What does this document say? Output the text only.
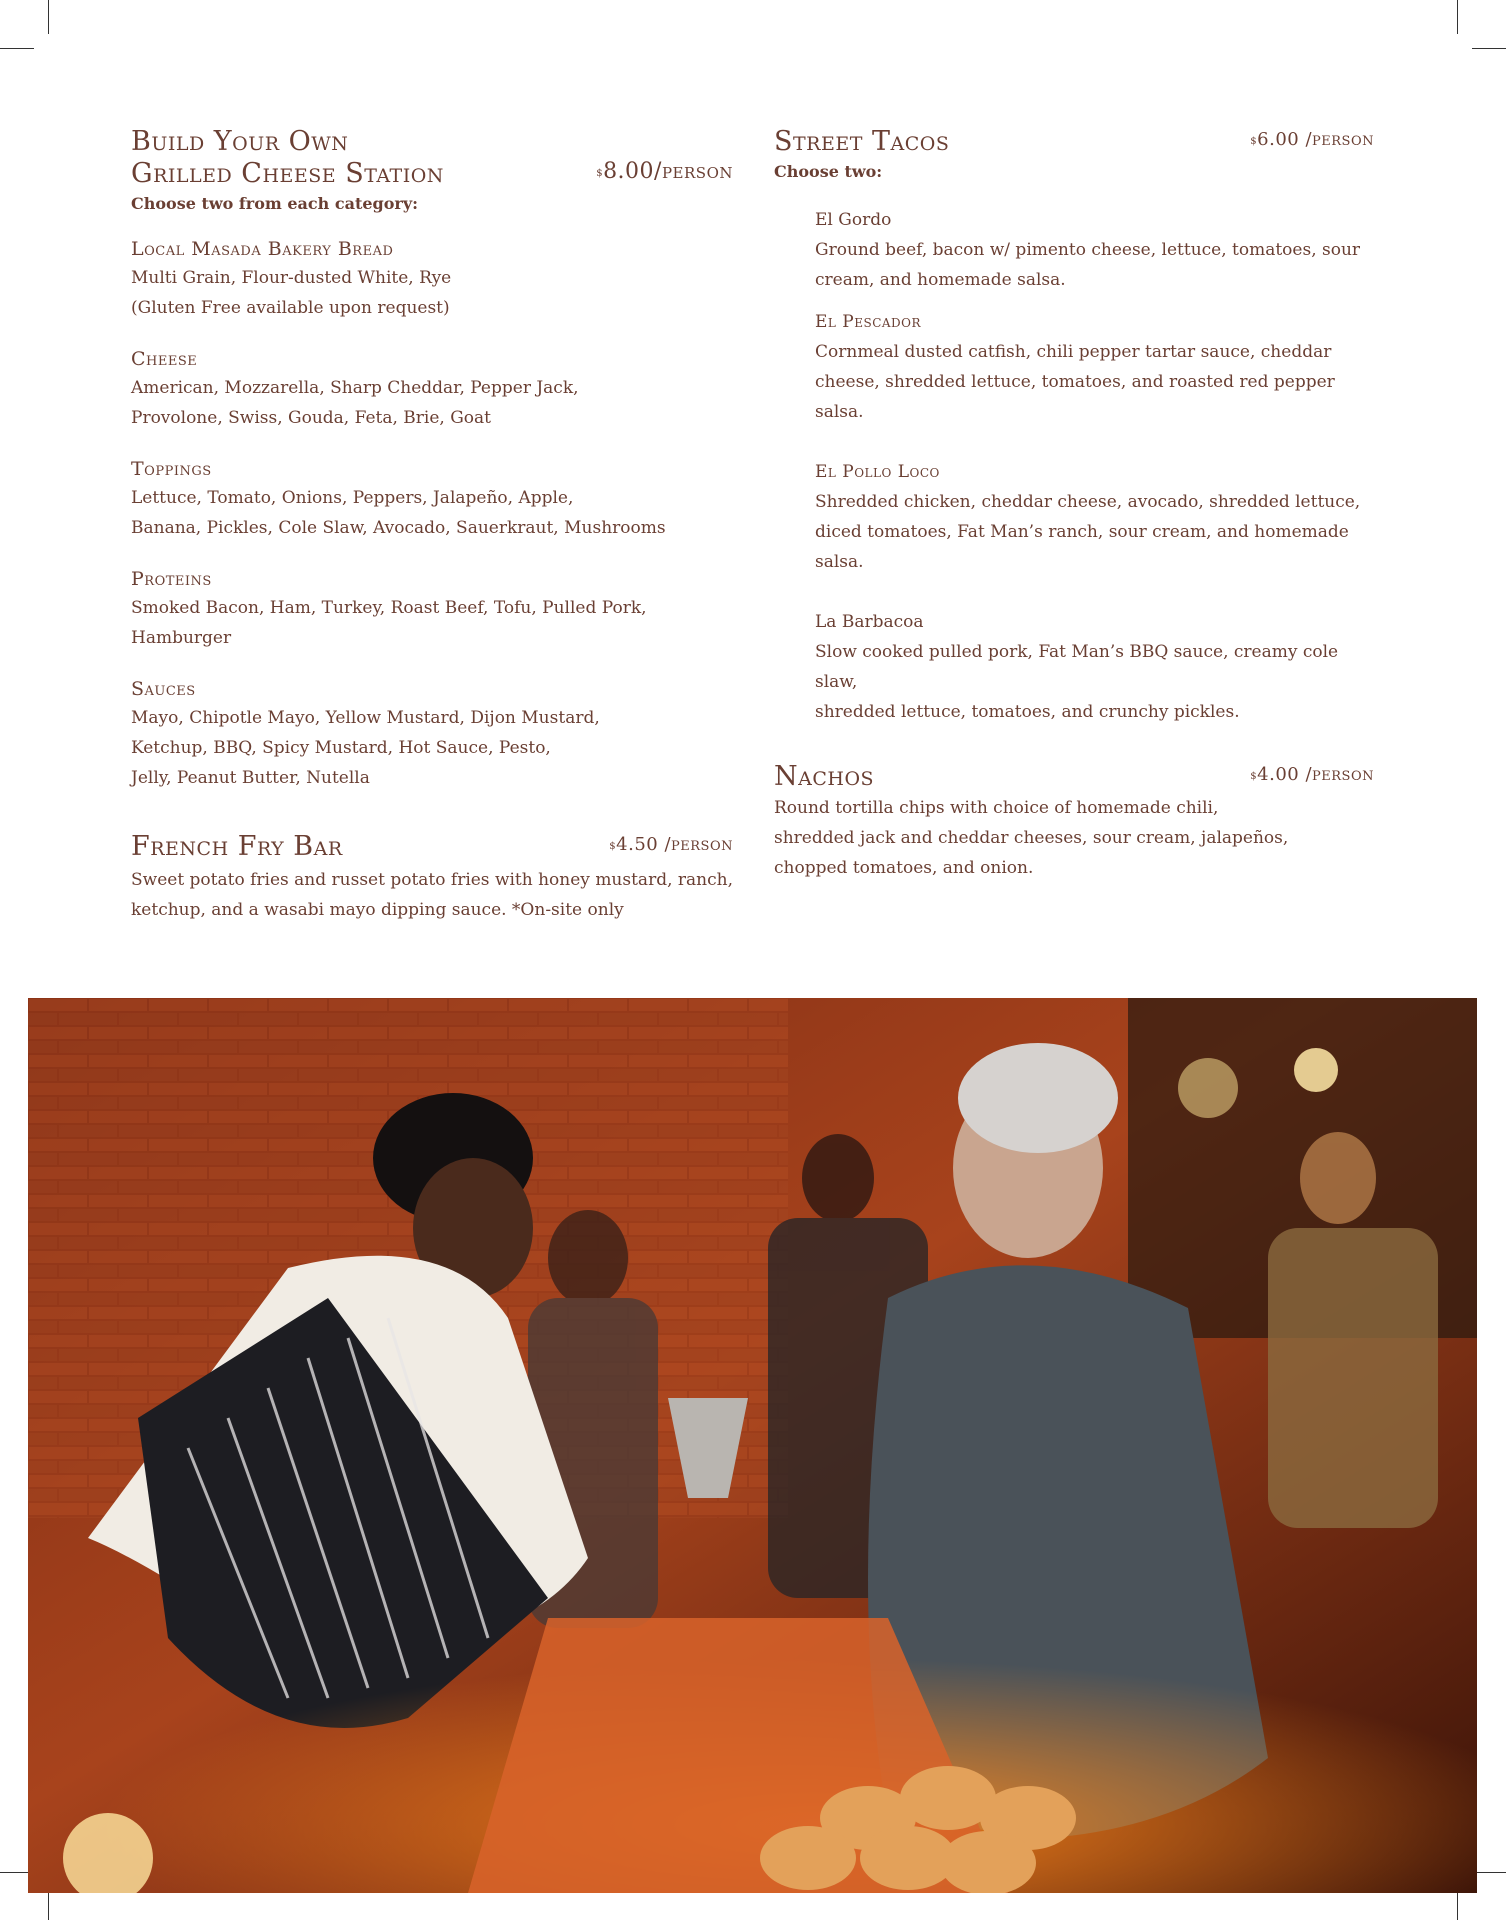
Build Your Own
Grilled Cheese Station	$8.00/person
Choose two from each category:
Local Masada Bakery Bread
Multi Grain, Flour-dusted White, Rye
(Gluten Free available upon request)
Cheese
American, Mozzarella, Sharp Cheddar, Pepper Jack,
Provolone, Swiss, Gouda, Feta, Brie, Goat
Toppings
Lettuce, Tomato, Onions, Peppers, Jalapeño, Apple,
Banana, Pickles, Cole Slaw, Avocado, Sauerkraut, Mushrooms
Proteins
Smoked Bacon, Ham, Turkey, Roast Beef, Tofu, Pulled Pork,
Hamburger
Sauces
Mayo, Chipotle Mayo, Yellow Mustard, Dijon Mustard,
Ketchup, BBQ, Spicy Mustard, Hot Sauce, Pesto,
Jelly, Peanut Butter, Nutella
French Fry Bar	$4.50 /person
Sweet potato fries and russet potato fries with honey mustard, ranch,
ketchup, and a wasabi mayo dipping sauce. *On-site only
Street Tacos	$6.00 /person
Choose two:
El Gordo
Ground beef, bacon w/ pimento cheese, lettuce, tomatoes, sour
cream, and homemade salsa.
El Pescador
Cornmeal dusted catfish, chili pepper tartar sauce, cheddar
cheese, shredded lettuce, tomatoes, and roasted red pepper salsa.
El Pollo Loco
Shredded chicken, cheddar cheese, avocado, shredded lettuce,
diced tomatoes, Fat Man’s ranch, sour cream, and homemade salsa.
La Barbacoa
Slow cooked pulled pork, Fat Man’s BBQ sauce, creamy cole slaw,
shredded lettuce, tomatoes, and crunchy pickles.
Nachos	$4.00 /person
Round tortilla chips with choice of homemade chili,
shredded jack and cheddar cheeses, sour cream, jalapeños,
chopped tomatoes, and onion.
